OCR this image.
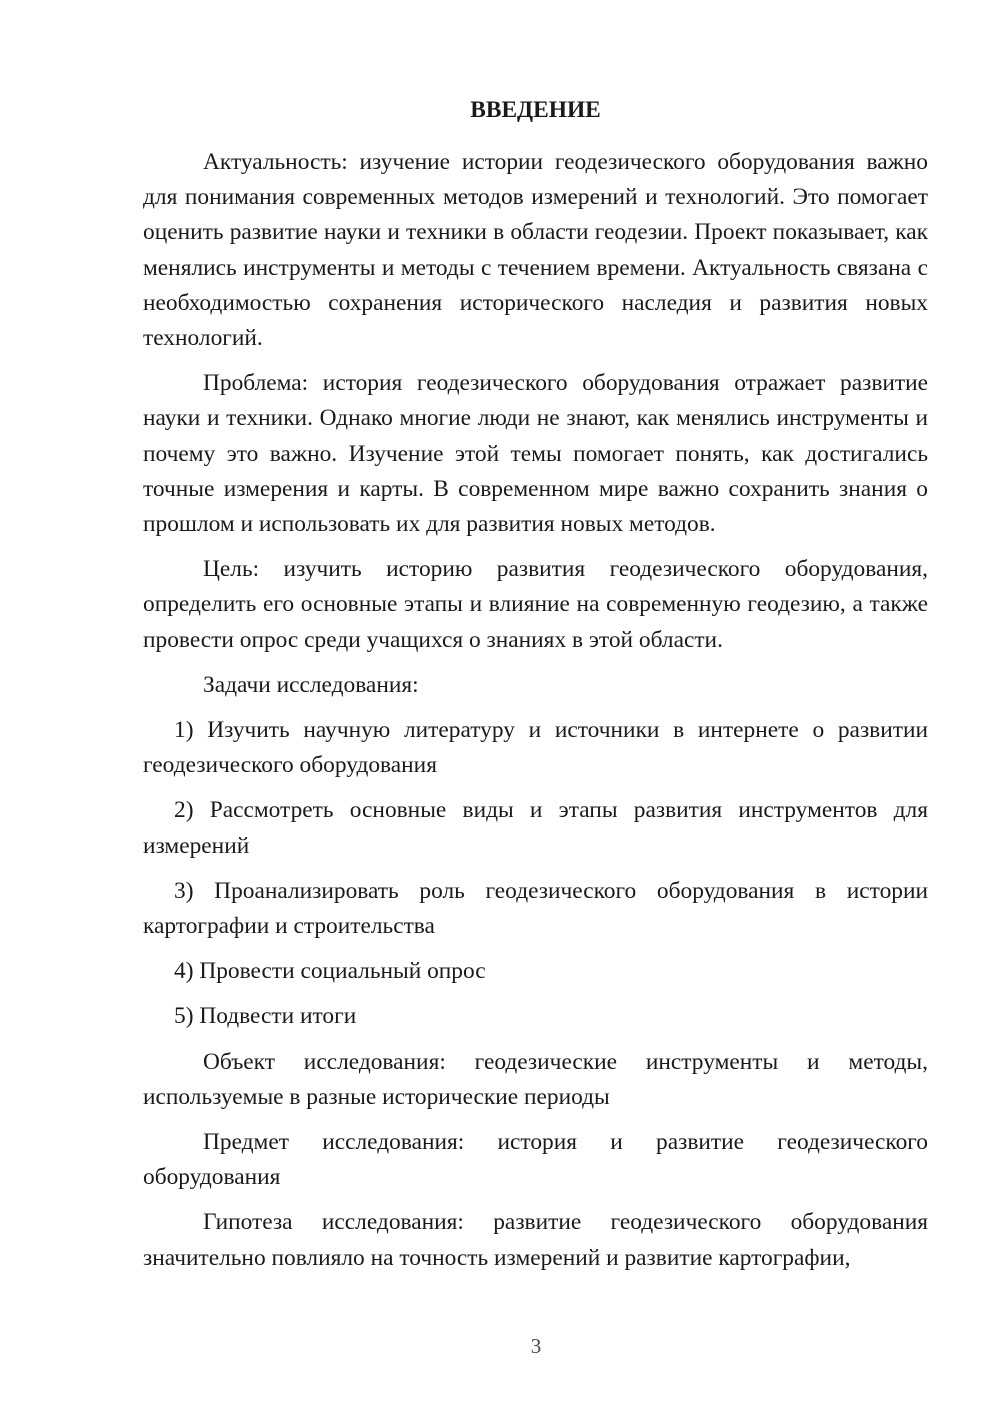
ВВЕДЕНИЕ

Актуальность: изучение истории геодезического оборудования важно для понимания современных методов измерений и технологий. Это помогает оценить развитие науки и техники в области геодезии. Проект показывает, как менялись инструменты и методы с течением времени. Актуальность связана с необходимостью сохранения исторического наследия и развития новых технологий.

Проблема: история геодезического оборудования отражает развитие науки и техники. Однако многие люди не знают, как менялись инструменты и почему это важно. Изучение этой темы помогает понять, как достигались точные измерения и карты. В современном мире важно сохранить знания о прошлом и использовать их для развития новых методов.

Цель: изучить историю развития геодезического оборудования, определить его основные этапы и влияние на современную геодезию, а также провести опрос среди учащихся о знаниях в этой области.

Задачи исследования:

1) Изучить научную литературу и источники в интернете о развитии геодезического оборудования

2) Рассмотреть основные виды и этапы развития инструментов для измерений

3) Проанализировать роль геодезического оборудования в истории картографии и строительства

4) Провести социальный опрос

5) Подвести итоги

Объект исследования: геодезические инструменты и методы, используемые в разные исторические периоды

Предмет исследования: история и развитие геодезического оборудования

Гипотеза исследования: развитие геодезического оборудования значительно повлияло на точность измерений и развитие картографии,

3
